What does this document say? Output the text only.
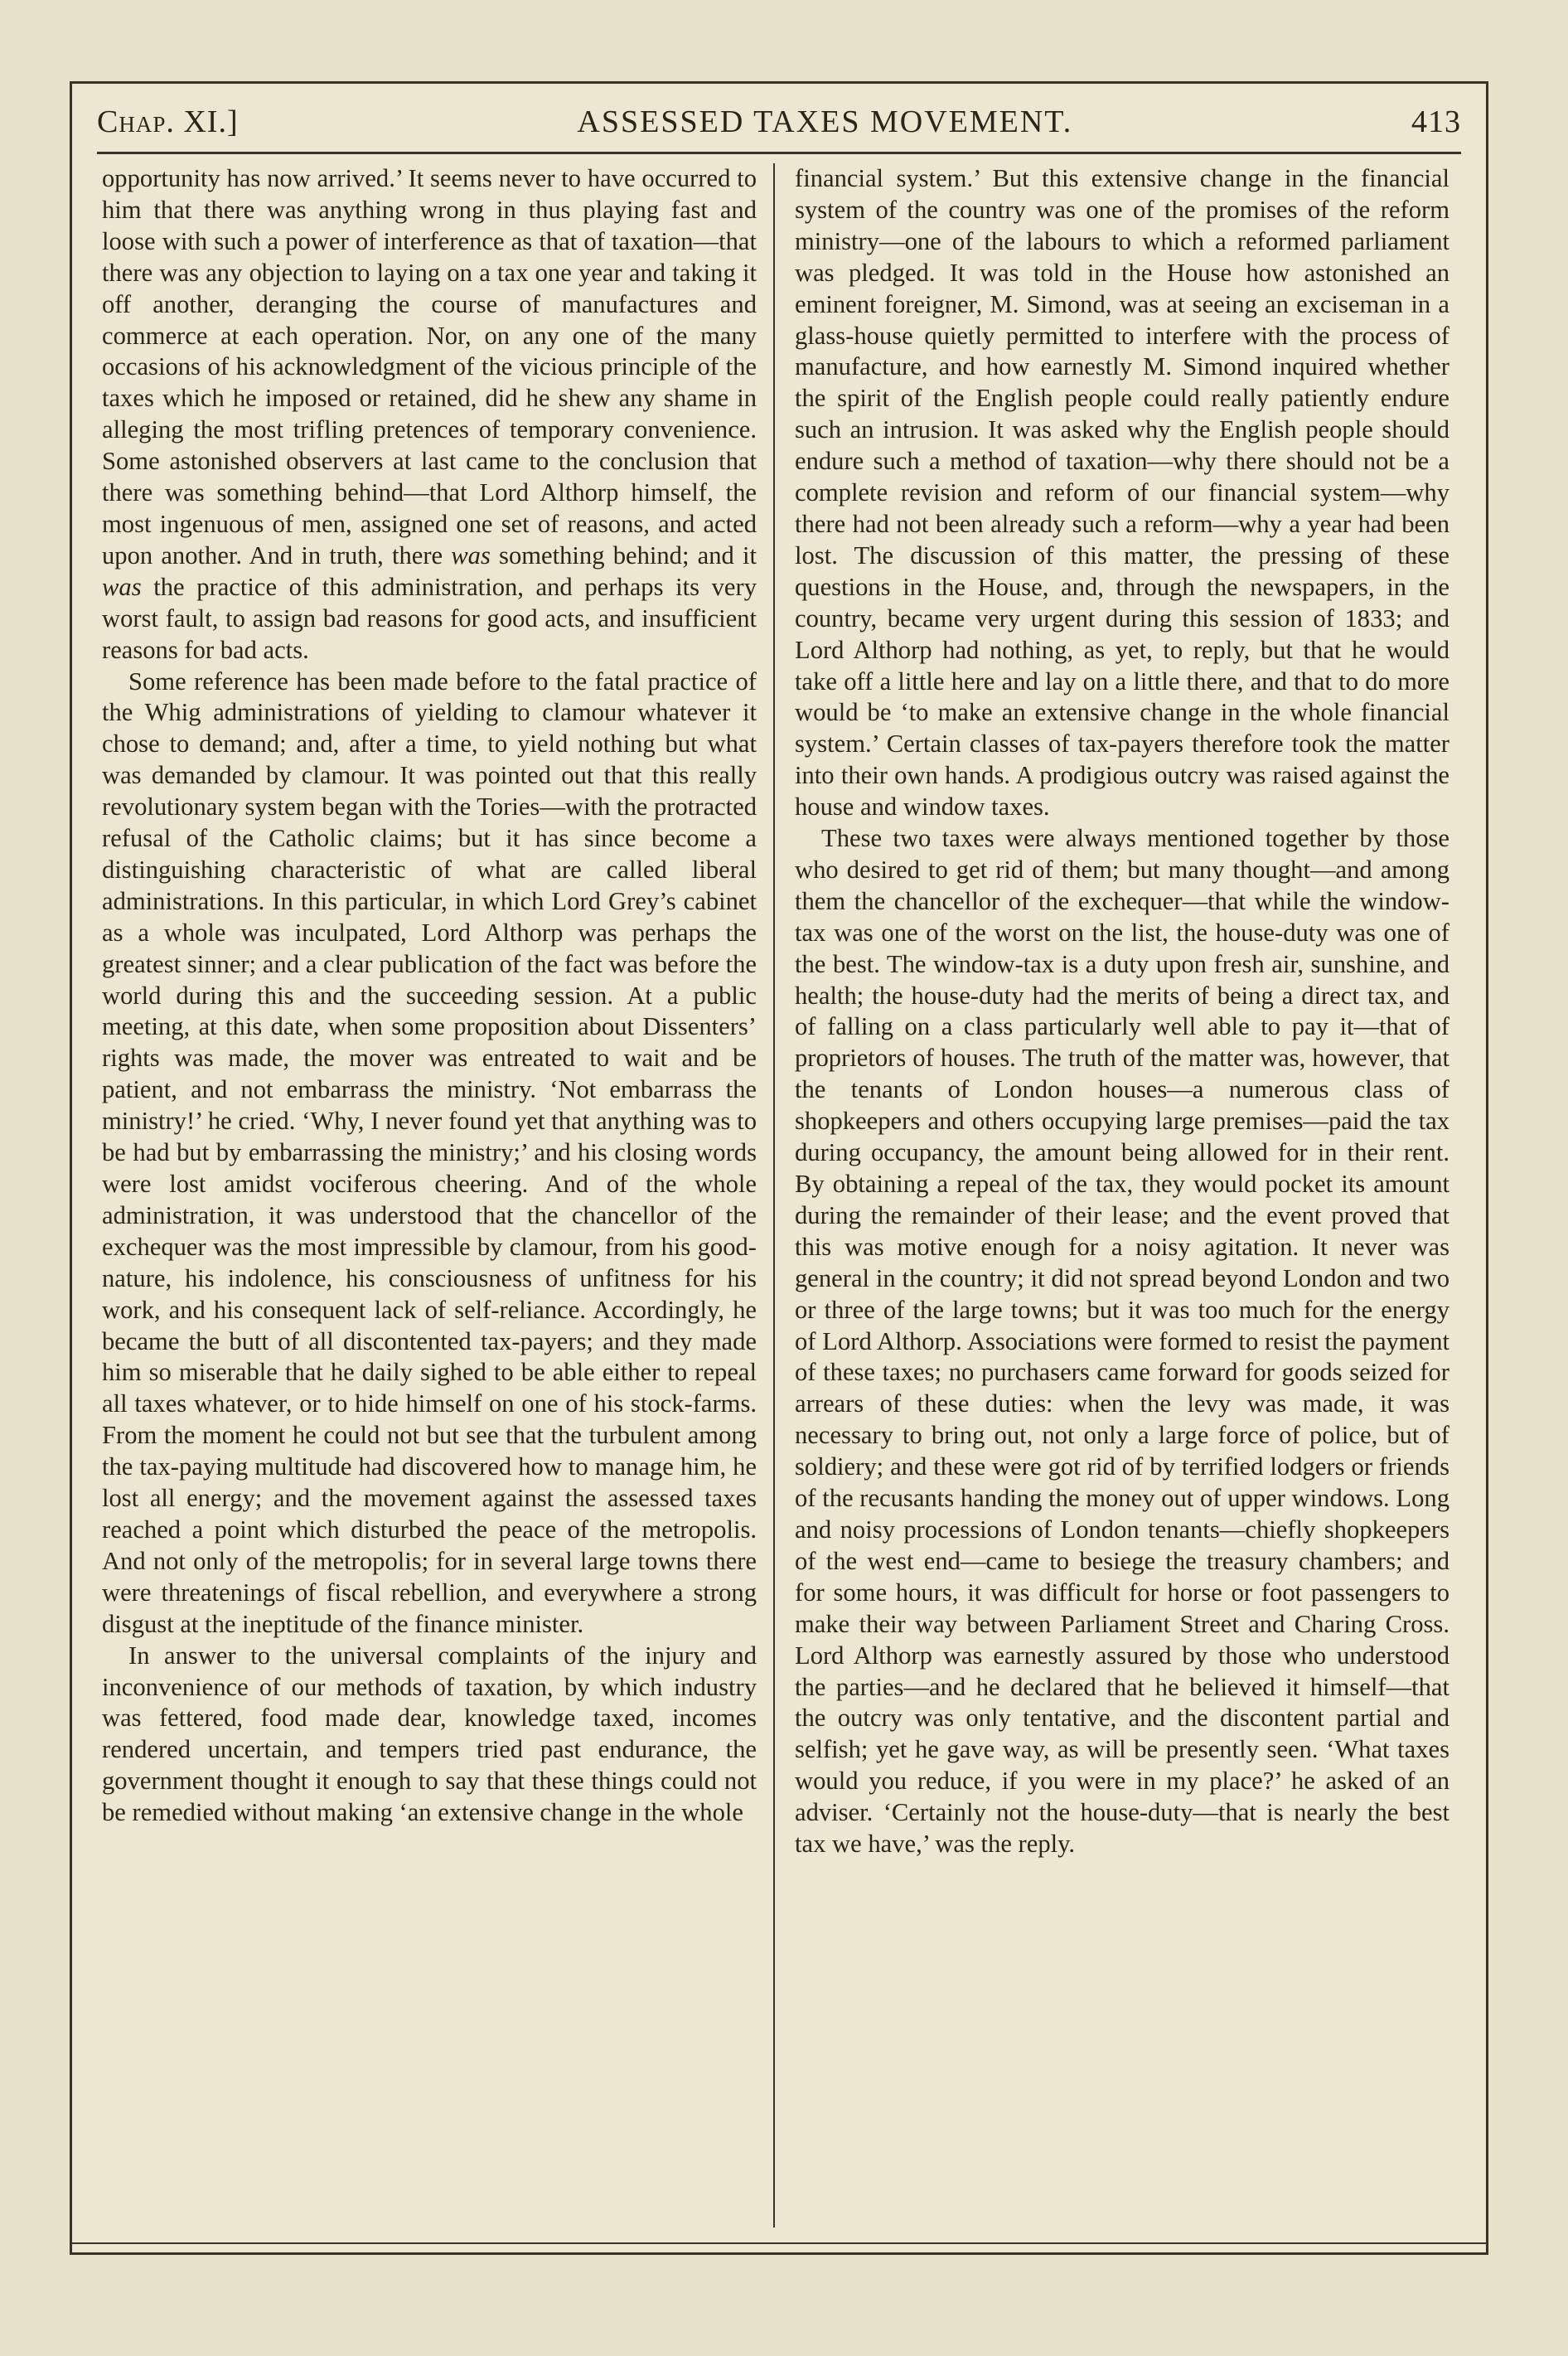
Chap. XI.]	ASSESSED TAXES MOVEMENT.	413

opportunity has now arrived.’ It seems never to have occurred to him that there was anything wrong in thus playing fast and loose with such a power of interference as that of taxation—that there was any objection to laying on a tax one year and taking it off another, deranging the course of manufactures and commerce at each operation. Nor, on any one of the many occasions of his acknowledgment of the vicious principle of the taxes which he imposed or retained, did he shew any shame in alleging the most trifling pretences of temporary convenience. Some astonished observers at last came to the conclusion that there was something behind—that Lord Althorp himself, the most ingenuous of men, assigned one set of reasons, and acted upon another. And in truth, there was something behind; and it was the practice of this administration, and perhaps its very worst fault, to assign bad reasons for good acts, and insufficient reasons for bad acts.

Some reference has been made before to the fatal practice of the Whig administrations of yielding to clamour whatever it chose to demand; and, after a time, to yield nothing but what was demanded by clamour. It was pointed out that this really revolutionary system began with the Tories—with the protracted refusal of the Catholic claims; but it has since become a distinguishing characteristic of what are called liberal administrations. In this particular, in which Lord Grey’s cabinet as a whole was inculpated, Lord Althorp was perhaps the greatest sinner; and a clear publication of the fact was before the world during this and the succeeding session. At a public meeting, at this date, when some proposition about Dissenters’ rights was made, the mover was entreated to wait and be patient, and not embarrass the ministry. ‘Not embarrass the ministry!’ he cried. ‘Why, I never found yet that anything was to be had but by embarrassing the ministry;’ and his closing words were lost amidst vociferous cheering. And of the whole administration, it was understood that the chancellor of the exchequer was the most impressible by clamour, from his good-nature, his indolence, his consciousness of unfitness for his work, and his consequent lack of self-reliance. Accordingly, he became the butt of all discontented tax-payers; and they made him so miserable that he daily sighed to be able either to repeal all taxes whatever, or to hide himself on one of his stock-farms. From the moment he could not but see that the turbulent among the tax-paying multitude had discovered how to manage him, he lost all energy; and the movement against the assessed taxes reached a point which disturbed the peace of the metropolis. And not only of the metropolis; for in several large towns there were threatenings of fiscal rebellion, and everywhere a strong disgust at the ineptitude of the finance minister.

In answer to the universal complaints of the injury and inconvenience of our methods of taxation, by which industry was fettered, food made dear, knowledge taxed, incomes rendered uncertain, and tempers tried past endurance, the government thought it enough to say that these things could not be remedied without making ‘an extensive change in the whole

financial system.’ But this extensive change in the financial system of the country was one of the promises of the reform ministry—one of the labours to which a reformed parliament was pledged. It was told in the House how astonished an eminent foreigner, M. Simond, was at seeing an exciseman in a glass-house quietly permitted to interfere with the process of manufacture, and how earnestly M. Simond inquired whether the spirit of the English people could really patiently endure such an intrusion. It was asked why the English people should endure such a method of taxation—why there should not be a complete revision and reform of our financial system—why there had not been already such a reform—why a year had been lost. The discussion of this matter, the pressing of these questions in the House, and, through the newspapers, in the country, became very urgent during this session of 1833; and Lord Althorp had nothing, as yet, to reply, but that he would take off a little here and lay on a little there, and that to do more would be ‘to make an extensive change in the whole financial system.’ Certain classes of tax-payers therefore took the matter into their own hands. A prodigious outcry was raised against the house and window taxes.

These two taxes were always mentioned together by those who desired to get rid of them; but many thought—and among them the chancellor of the exchequer—that while the window-tax was one of the worst on the list, the house-duty was one of the best. The window-tax is a duty upon fresh air, sunshine, and health; the house-duty had the merits of being a direct tax, and of falling on a class particularly well able to pay it—that of proprietors of houses. The truth of the matter was, however, that the tenants of London houses—a numerous class of shopkeepers and others occupying large premises—paid the tax during occupancy, the amount being allowed for in their rent. By obtaining a repeal of the tax, they would pocket its amount during the remainder of their lease; and the event proved that this was motive enough for a noisy agitation. It never was general in the country; it did not spread beyond London and two or three of the large towns; but it was too much for the energy of Lord Althorp. Associations were formed to resist the payment of these taxes; no purchasers came forward for goods seized for arrears of these duties: when the levy was made, it was necessary to bring out, not only a large force of police, but of soldiery; and these were got rid of by terrified lodgers or friends of the recusants handing the money out of upper windows. Long and noisy processions of London tenants—chiefly shopkeepers of the west end—came to besiege the treasury chambers; and for some hours, it was difficult for horse or foot passengers to make their way between Parliament Street and Charing Cross. Lord Althorp was earnestly assured by those who understood the parties—and he declared that he believed it himself—that the outcry was only tentative, and the discontent partial and selfish; yet he gave way, as will be presently seen. ‘What taxes would you reduce, if you were in my place?’ he asked of an adviser. ‘Certainly not the house-duty—that is nearly the best tax we have,’ was the reply.
